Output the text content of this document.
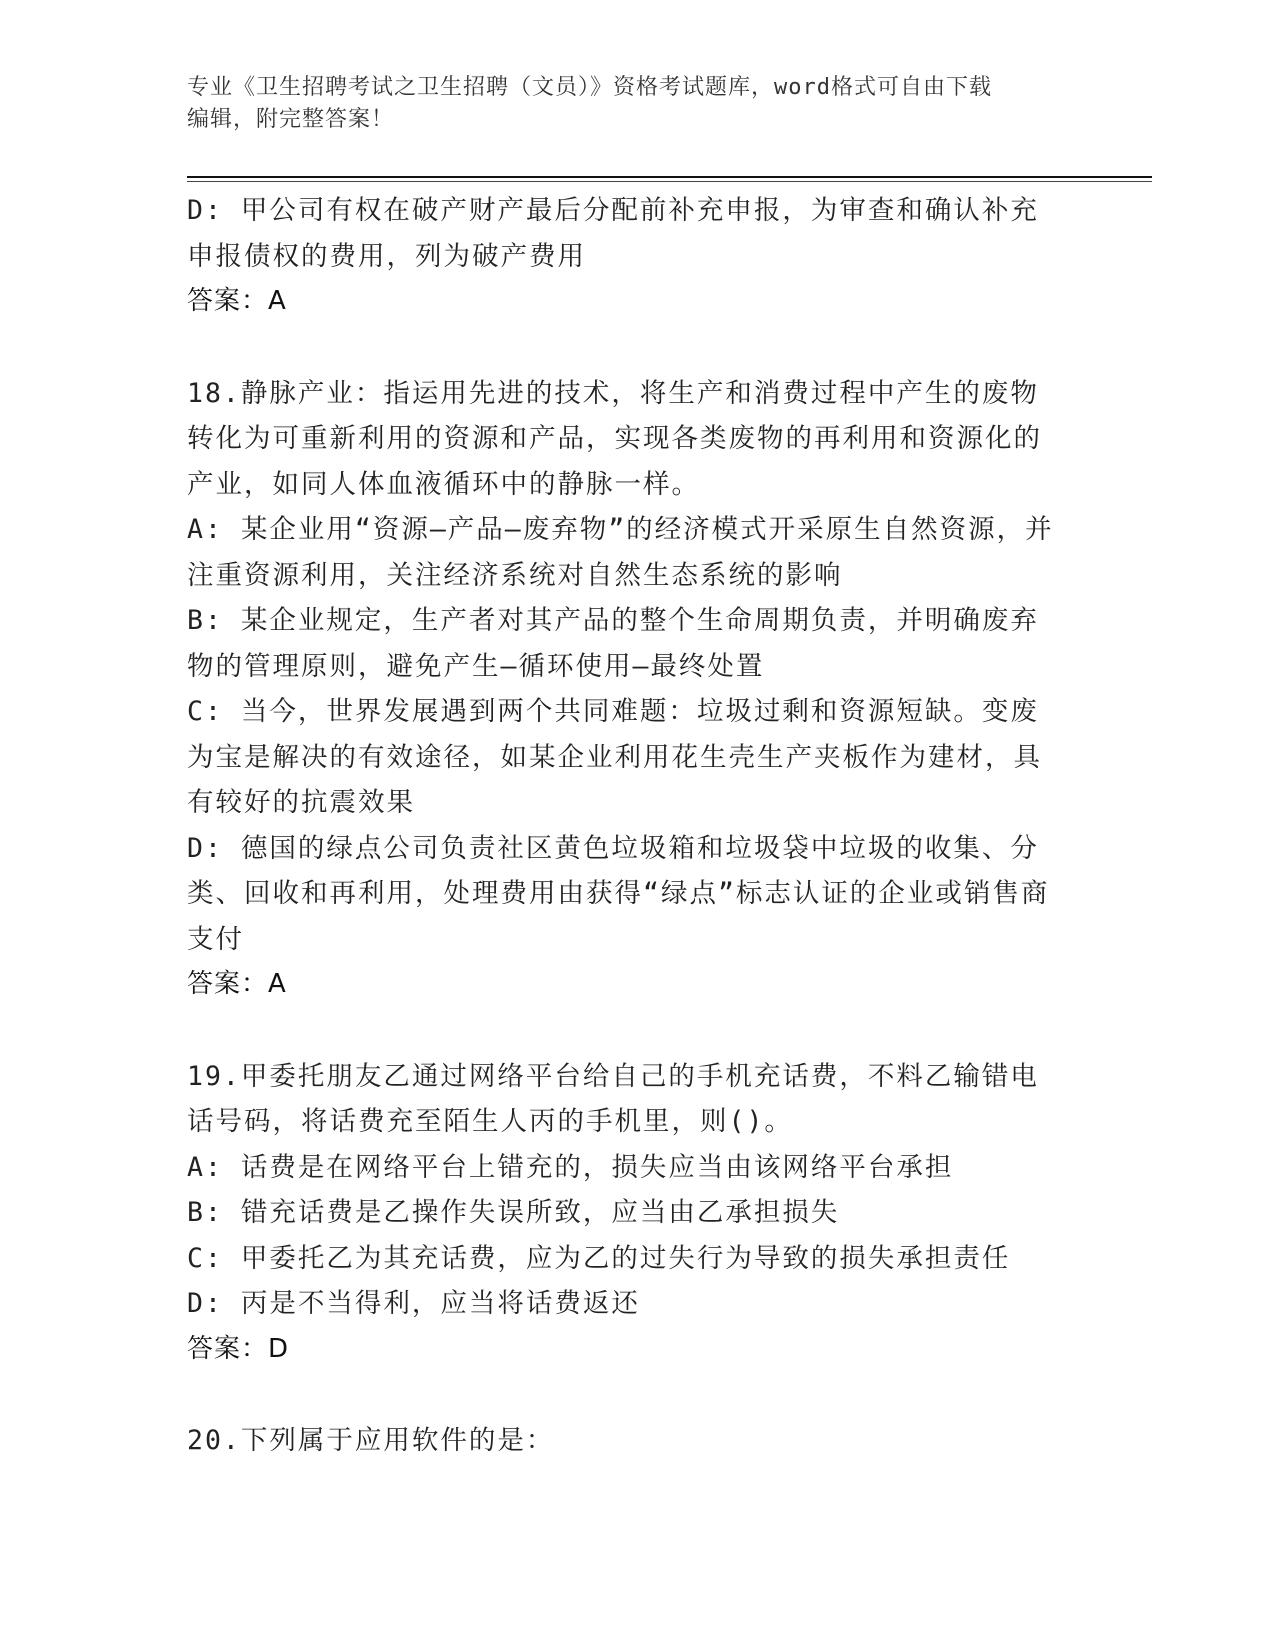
专业《卫生招聘考试之卫生招聘（文员）》资格考试题库，word格式可自由下载
编辑，附完整答案！

D: 甲公司有权在破产财产最后分配前补充申报，为审查和确认补充申报债权的费用，列为破产费用

答案：A

18.静脉产业：指运用先进的技术，将生产和消费过程中产生的废物转化为可重新利用的资源和产品，实现各类废物的再利用和资源化的产业，如同人体血液循环中的静脉一样。

A: 某企业用“资源—产品—废弃物”的经济模式开采原生自然资源，并注重资源利用，关注经济系统对自然生态系统的影响

B: 某企业规定，生产者对其产品的整个生命周期负责，并明确废弃物的管理原则，避免产生—循环使用—最终处置

C: 当今，世界发展遇到两个共同难题：垃圾过剩和资源短缺。变废为宝是解决的有效途径，如某企业利用花生壳生产夹板作为建材，具有较好的抗震效果

D: 德国的绿点公司负责社区黄色垃圾箱和垃圾袋中垃圾的收集、分类、回收和再利用，处理费用由获得“绿点”标志认证的企业或销售商支付

答案：A

19.甲委托朋友乙通过网络平台给自己的手机充话费，不料乙输错电话号码，将话费充至陌生人丙的手机里，则()。

A: 话费是在网络平台上错充的，损失应当由该网络平台承担

B: 错充话费是乙操作失误所致，应当由乙承担损失

C: 甲委托乙为其充话费，应为乙的过失行为导致的损失承担责任

D: 丙是不当得利，应当将话费返还

答案：D

20.下列属于应用软件的是：
